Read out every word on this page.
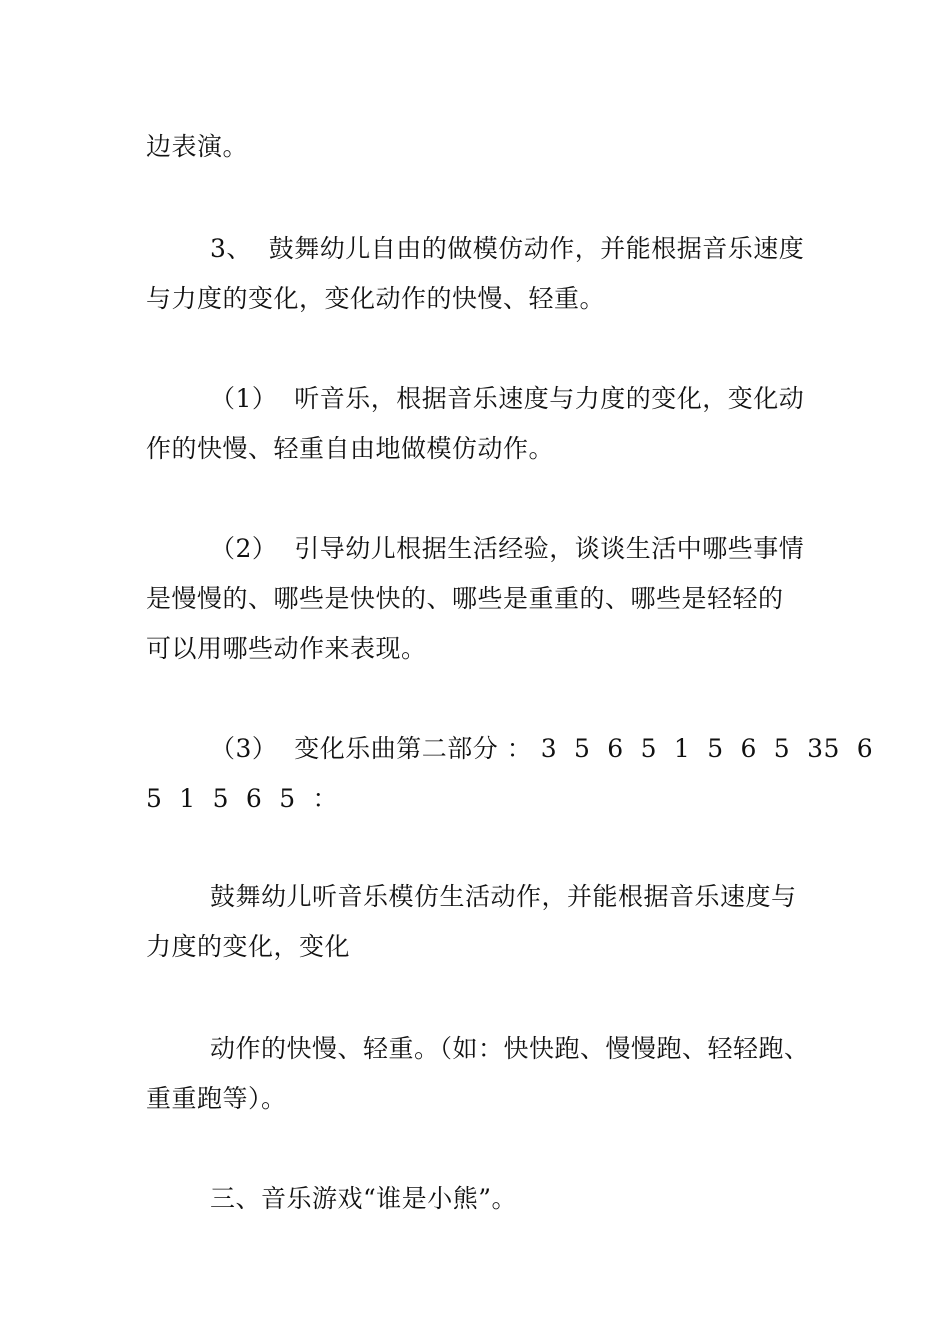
边表演。
3、  鼓舞幼儿自由的做模仿动作，并能根据音乐速度
与力度的变化，变化动作的快慢、轻重。
（1）  听音乐，根据音乐速度与力度的变化，变化动
作的快慢、轻重自由地做模仿动作。
（2）  引导幼儿根据生活经验，谈谈生活中哪些事情
是慢慢的、哪些是快快的、哪些是重重的、哪些是轻轻的
可以用哪些动作来表现。
（3）  变化乐曲第二部分 ： 3  5  6  5  1  5  6  5  35  6
5  1  5  6  5  ：
鼓舞幼儿听音乐模仿生活动作，并能根据音乐速度与
力度的变化，变化
动作的快慢、轻重。（如：快快跑、慢慢跑、轻轻跑、
重重跑等）。
三、音乐游戏“谁是小熊”。
